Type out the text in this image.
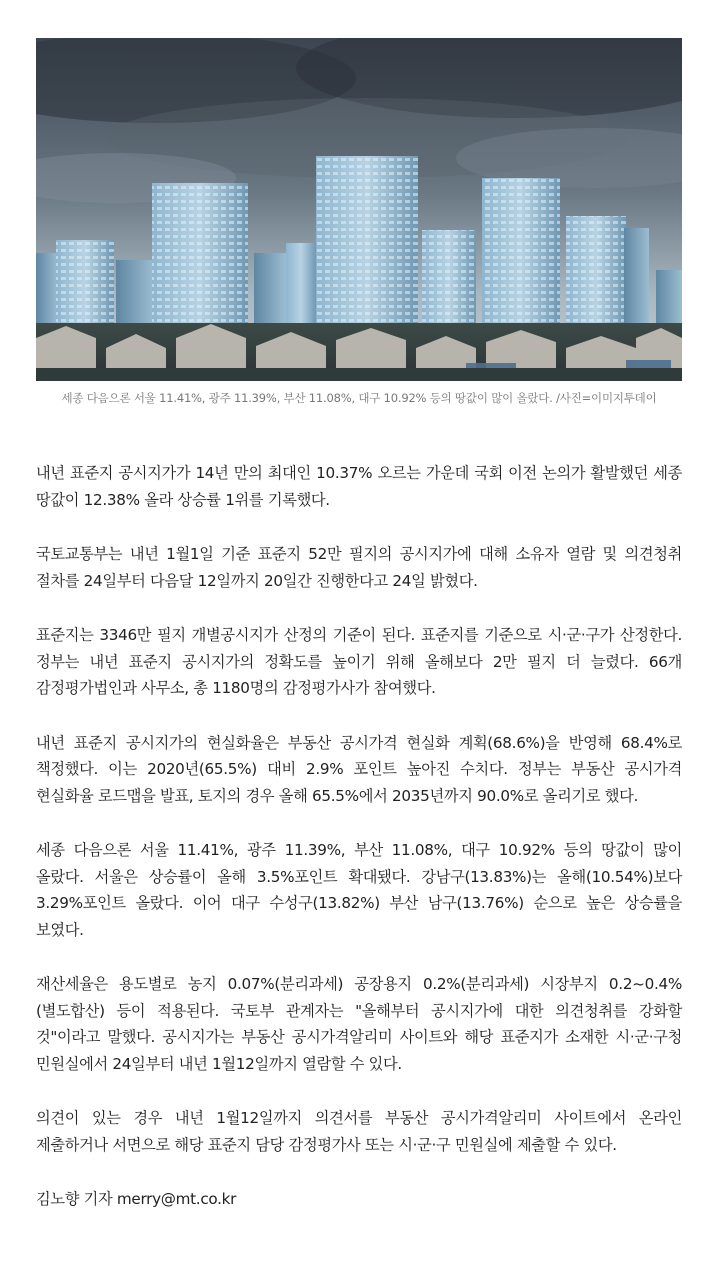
세종 다음으론 서울 11.41%, 광주 11.39%, 부산 11.08%, 대구 10.92% 등의 땅값이 많이 올랐다. /사진=이미지투데이

내년 표준지 공시지가가 14년 만의 최대인 10.37% 오르는 가운데 국회 이전 논의가 활발했던 세종 땅값이 12.38% 올라 상승률 1위를 기록했다.

국토교통부는 내년 1월1일 기준 표준지 52만 필지의 공시지가에 대해 소유자 열람 및 의견청취 절차를 24일부터 다음달 12일까지 20일간 진행한다고 24일 밝혔다.

표준지는 3346만 필지 개별공시지가 산정의 기준이 된다. 표준지를 기준으로 시·군·구가 산정한다. 정부는 내년 표준지 공시지가의 정확도를 높이기 위해 올해보다 2만 필지 더 늘렸다. 66개 감정평가법인과 사무소, 총 1180명의 감정평가사가 참여했다.

내년 표준지 공시지가의 현실화율은 부동산 공시가격 현실화 계획(68.6%)을 반영해 68.4%로 책정했다. 이는 2020년(65.5%) 대비 2.9% 포인트 높아진 수치다. 정부는 부동산 공시가격 현실화율 로드맵을 발표, 토지의 경우 올해 65.5%에서 2035년까지 90.0%로 올리기로 했다.

세종 다음으론 서울 11.41%, 광주 11.39%, 부산 11.08%, 대구 10.92% 등의 땅값이 많이 올랐다. 서울은 상승률이 올해 3.5%포인트 확대됐다. 강남구(13.83%)는 올해(10.54%)보다 3.29%포인트 올랐다. 이어 대구 수성구(13.82%) 부산 남구(13.76%) 순으로 높은 상승률을 보였다.

재산세율은 용도별로 농지 0.07%(분리과세) 공장용지 0.2%(분리과세) 시장부지 0.2~0.4%(별도합산) 등이 적용된다. 국토부 관계자는 "올해부터 공시지가에 대한 의견청취를 강화할 것"이라고 말했다. 공시지가는 부동산 공시가격알리미 사이트와 해당 표준지가 소재한 시·군·구청 민원실에서 24일부터 내년 1월12일까지 열람할 수 있다.

의견이 있는 경우 내년 1월12일까지 의견서를 부동산 공시가격알리미 사이트에서 온라인 제출하거나 서면으로 해당 표준지 담당 감정평가사 또는 시·군·구 민원실에 제출할 수 있다.

김노향 기자 merry@mt.co.kr
